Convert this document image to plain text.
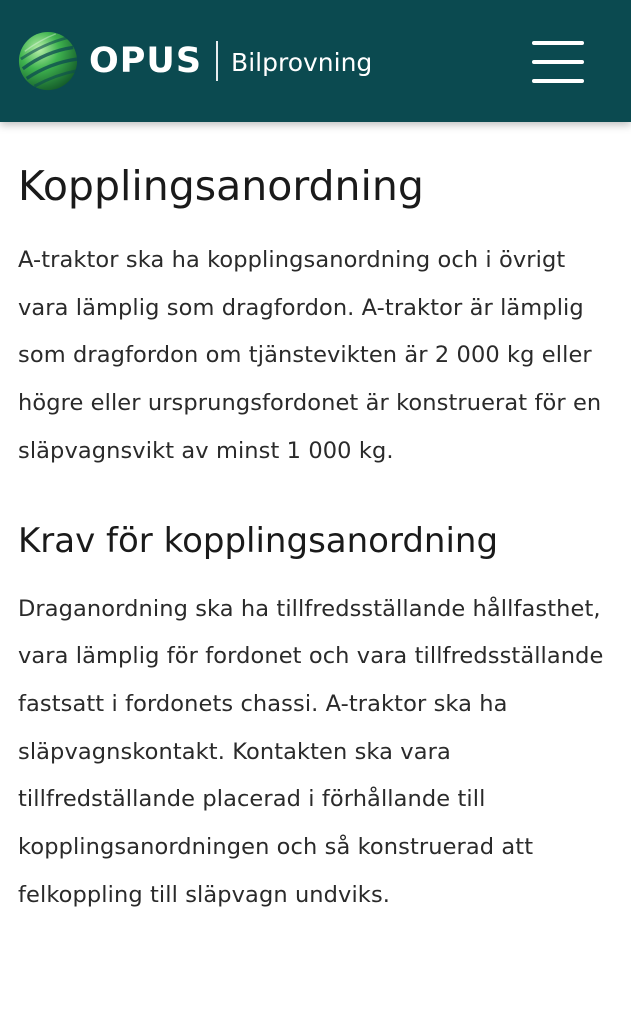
OPUS Bilprovning
Kopplingsanordning

A-traktor ska ha kopplingsanordning och i övrigt vara lämplig som dragfordon. A-traktor är lämplig som dragfordon om tjänstevikten är 2 000 kg eller högre eller ursprungsfordonet är konstruerat för en släpvagnsvikt av minst 1 000 kg.

Krav för kopplingsanordning

Draganordning ska ha tillfredsställande hållfasthet, vara lämplig för fordonet och vara tillfredsställande fastsatt i fordonets chassi. A-traktor ska ha släpvagnskontakt. Kontakten ska vara tillfredställande placerad i förhållande till kopplingsanordningen och så konstruerad att felkoppling till släpvagn undviks.
